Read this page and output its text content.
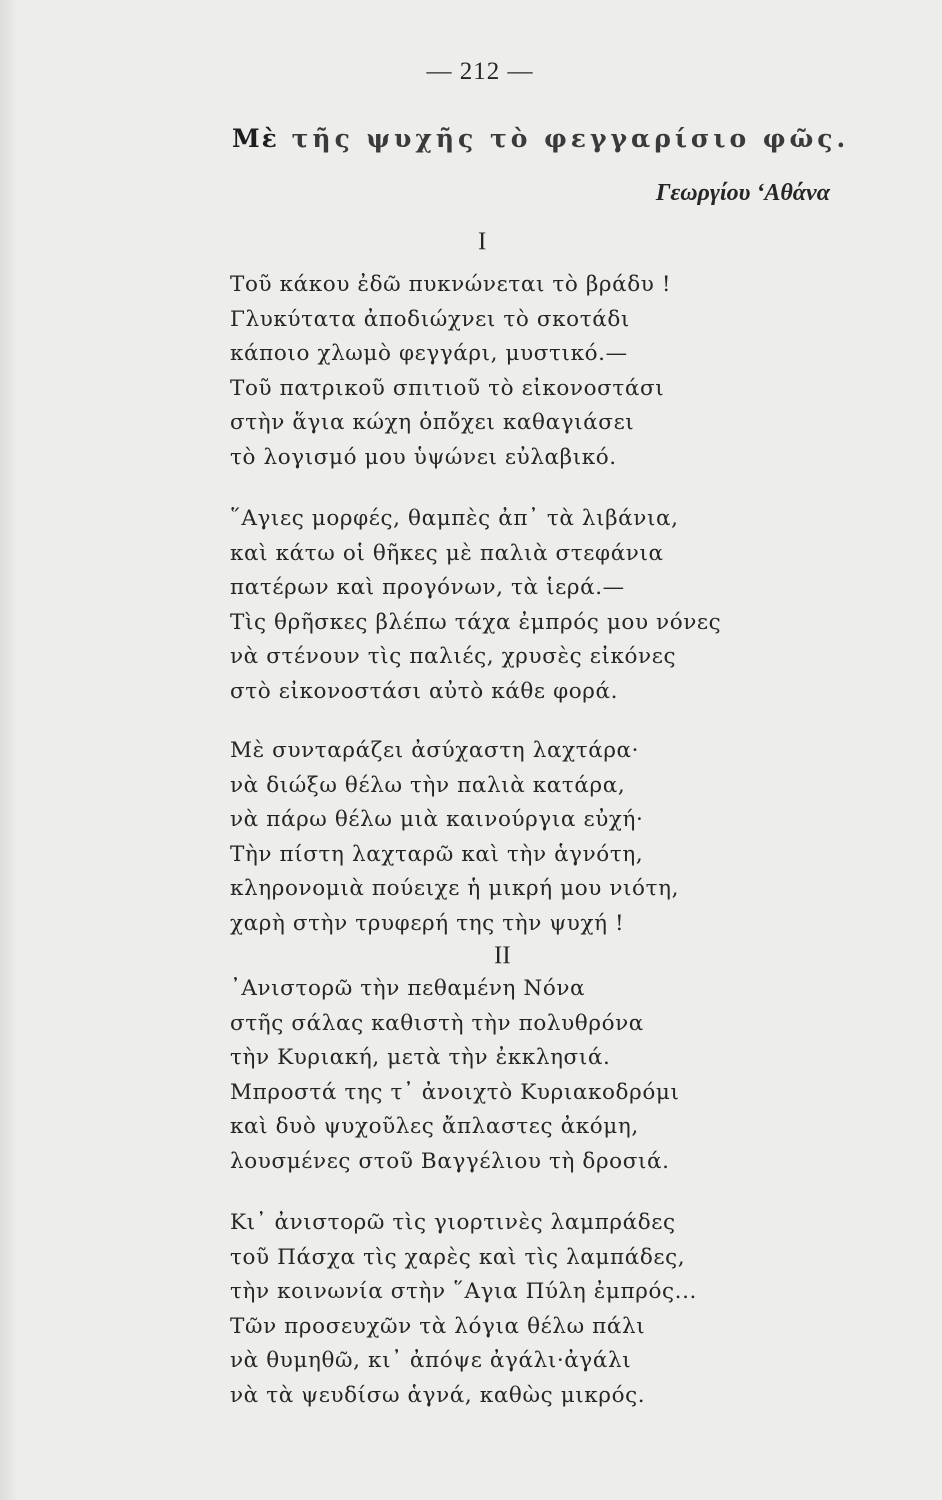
— 212 —
Μὲ τῆς ψυχῆς τὸ φεγγαρίσιο φῶς.
Γεωργίου ‘Αθάνα
Ι
Τοῦ κάκου ἐδῶ πυκνώνεται τὸ βράδυ !
Γλυκύτατα ἀποδιώχνει τὸ σκοτάδι
κάποιο χλωμὸ φεγγάρι, μυστικό.—
Τοῦ πατρικοῦ σπιτιοῦ τὸ εἰκονοστάσι
στὴν ἅγια κώχη ὁπὄχει καθαγιάσει
τὸ λογισμό μου ὑψώνει εὐλαβικό.
῞Αγιες μορφές, θαμπὲς ἀπ᾽ τὰ λιβάνια,
καὶ κάτω οἱ θῆκες μὲ παλιὰ στεφάνια
πατέρων καὶ προγόνων, τὰ ἱερά.—
Τὶς θρῆσκες βλέπω τάχα ἐμπρός μου νόνες
νὰ στένουν τὶς παλιές, χρυσὲς εἰκόνες
στὸ εἰκονοστάσι αὐτὸ κάθε φορά.
Μὲ συνταράζει ἀσύχαστη λαχτάρα·
νὰ διώξω θέλω τὴν παλιὰ κατάρα,
νὰ πάρω θέλω μιὰ καινούργια εὐχή·
Τὴν πίστη λαχταρῶ καὶ τὴν ἁγνότη,
κληρονομιὰ πούειχε ἡ μικρή μου νιότη,
χαρὴ στὴν τρυφερή της τὴν ψυχή !
ΙΙ
᾽Ανιστορῶ τὴν πεθαμένη Νόνα
στῆς σάλας καθιστὴ τὴν πολυθρόνα
τὴν Κυριακή, μετὰ τὴν ἐκκλησιά.
Μπροστά της τ᾽ ἀνοιχτὸ Κυριακοδρόμι
καὶ δυὸ ψυχοῦλες ἄπλαστες ἀκόμη,
λουσμένες στοῦ Βαγγέλιου τὴ δροσιά.
Κι᾽ ἀνιστορῶ τὶς γιορτινὲς λαμπράδες
τοῦ Πάσχα τὶς χαρὲς καὶ τὶς λαμπάδες,
τὴν κοινωνία στὴν ῞Αγια Πύλη ἐμπρός...
Τῶν προσευχῶν τὰ λόγια θέλω πάλι
νὰ θυμηθῶ, κι᾽ ἀπόψε ἀγάλι·ἀγάλι
νὰ τὰ ψευδίσω ἁγνά, καθὼς μικρός.
